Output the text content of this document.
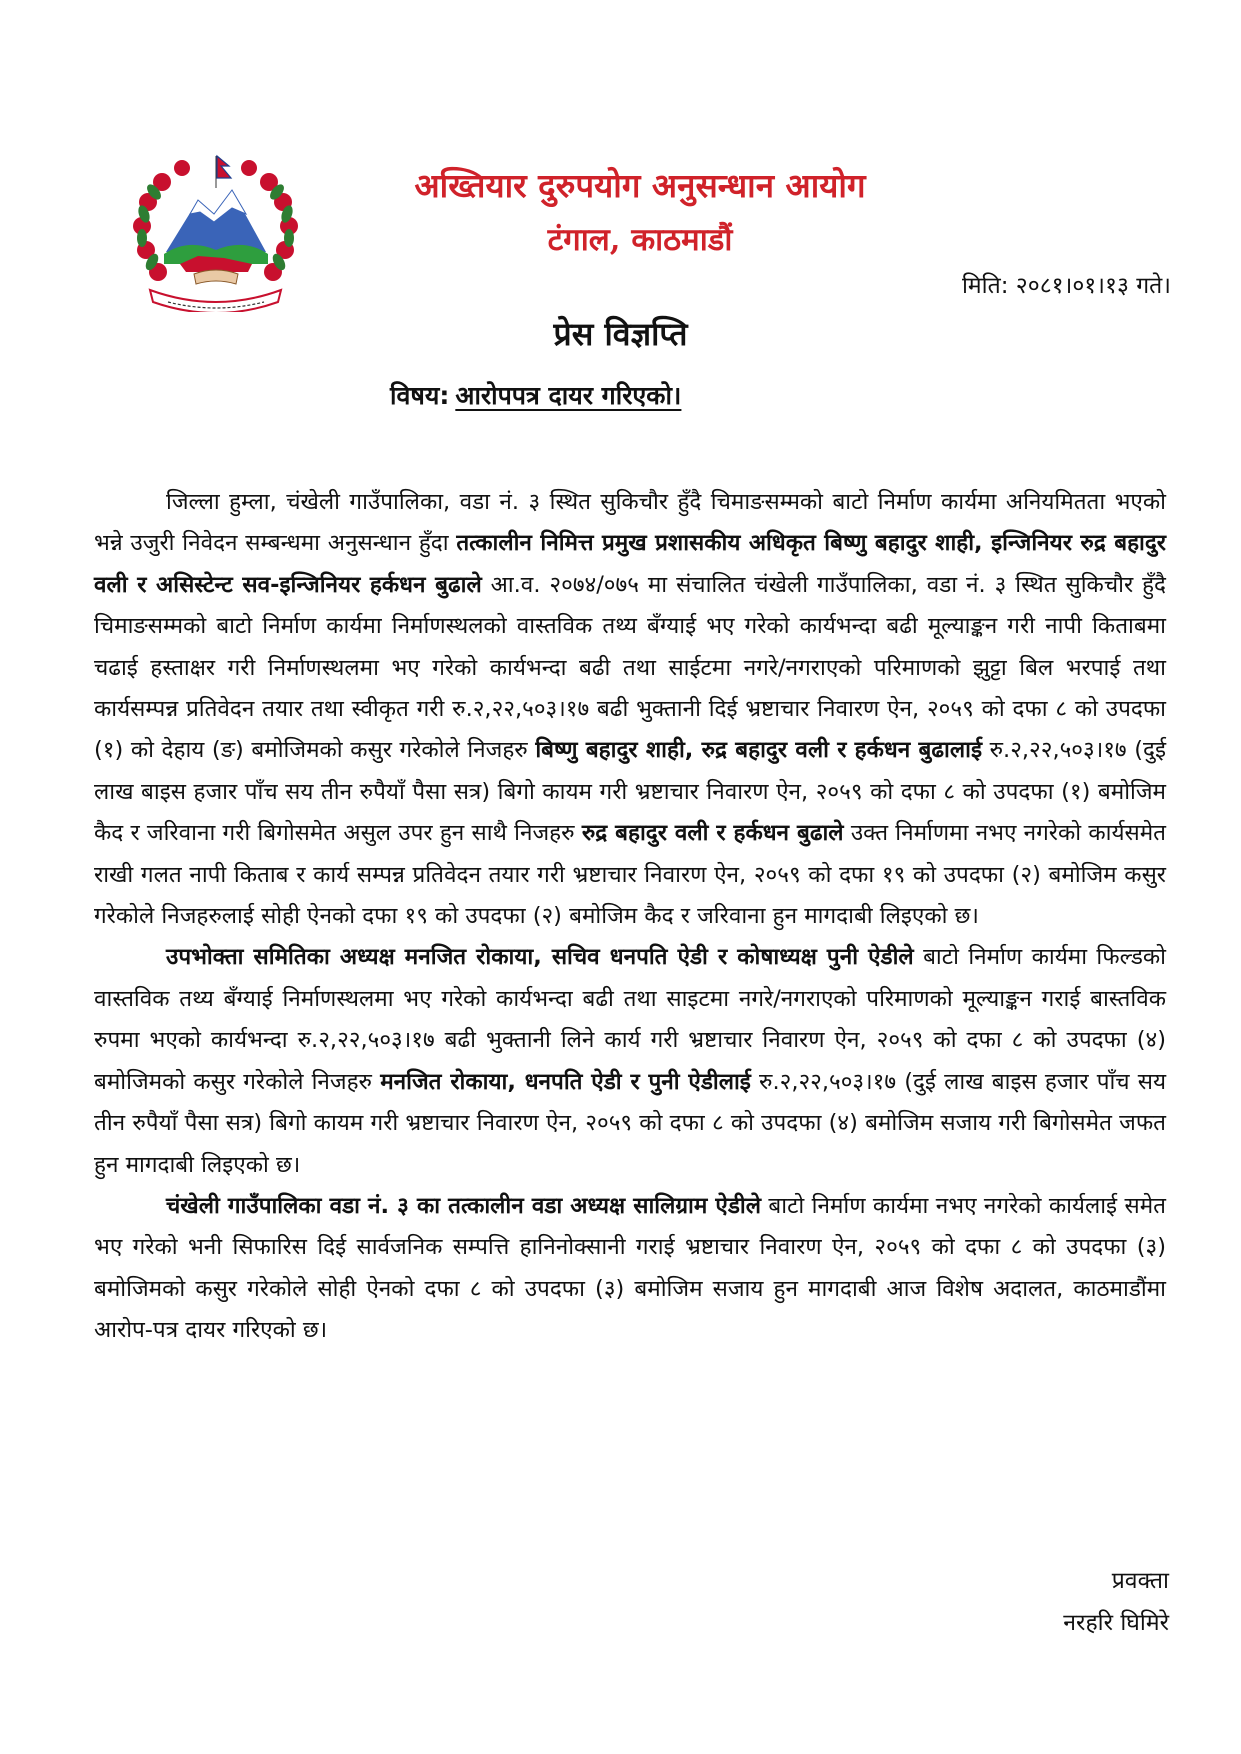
अख्तियार दुरुपयोग अनुसन्धान आयोग
टंगाल, काठमाडौं
मिति: २०८१।०१।१३ गते।
प्रेस विज्ञप्ति
विषय: आरोपपत्र दायर गरिएको।

जिल्ला हुम्ला, चंखेली गाउँपालिका, वडा नं. ३ स्थित सुकिचौर हुँदै चिमाङसम्मको बाटो निर्माण कार्यमा अनियमितता भएको भन्ने उजुरी निवेदन सम्बन्धमा अनुसन्धान हुँदा तत्कालीन निमित्त प्रमुख प्रशासकीय अधिकृत बिष्णु बहादुर शाही, इन्जिनियर रुद्र बहादुर वली र असिस्टेन्ट सव-इन्जिनियर हर्कधन बुढाले आ.व. २०७४/०७५ मा संचालित चंखेली गाउँपालिका, वडा नं. ३ स्थित सुकिचौर हुँदै चिमाङसम्मको बाटो निर्माण कार्यमा निर्माणस्थलको वास्तविक तथ्य बँग्याई भए गरेको कार्यभन्दा बढी मूल्याङ्कन गरी नापी किताबमा चढाई हस्ताक्षर गरी निर्माणस्थलमा भए गरेको कार्यभन्दा बढी तथा साईटमा नगरे/नगराएको परिमाणको झुट्टा बिल भरपाई तथा कार्यसम्पन्न प्रतिवेदन तयार तथा स्वीकृत गरी रु.२,२२,५०३।१७ बढी भुक्तानी दिई भ्रष्टाचार निवारण ऐन, २०५९ को दफा ८ को उपदफा (१) को देहाय (ङ) बमोजिमको कसुर गरेकोले निजहरु बिष्णु बहादुर शाही, रुद्र बहादुर वली र हर्कधन बुढालाई रु.२,२२,५०३।१७ (दुई लाख बाइस हजार पाँच सय तीन रुपैयाँ पैसा सत्र) बिगो कायम गरी भ्रष्टाचार निवारण ऐन, २०५९ को दफा ८ को उपदफा (१) बमोजिम कैद र जरिवाना गरी बिगोसमेत असुल उपर हुन साथै निजहरु रुद्र बहादुर वली र हर्कधन बुढाले उक्त निर्माणमा नभए नगरेको कार्यसमेत राखी गलत नापी किताब र कार्य सम्पन्न प्रतिवेदन तयार गरी भ्रष्टाचार निवारण ऐन, २०५९ को दफा १९ को उपदफा (२) बमोजिम कसुर गरेकोले निजहरुलाई सोही ऐनको दफा १९ को उपदफा (२) बमोजिम कैद र जरिवाना हुन मागदाबी लिइएको छ।

उपभोक्ता समितिका अध्यक्ष मनजित रोकाया, सचिव धनपति ऐडी र कोषाध्यक्ष पुनी ऐडीले बाटो निर्माण कार्यमा फिल्डको वास्तविक तथ्य बँग्याई निर्माणस्थलमा भए गरेको कार्यभन्दा बढी तथा साइटमा नगरे/नगराएको परिमाणको मूल्याङ्कन गराई बास्तविक रुपमा भएको कार्यभन्दा रु.२,२२,५०३।१७ बढी भुक्तानी लिने कार्य गरी भ्रष्टाचार निवारण ऐन, २०५९ को दफा ८ को उपदफा (४) बमोजिमको कसुर गरेकोले निजहरु मनजित रोकाया, धनपति ऐडी र पुनी ऐडीलाई रु.२,२२,५०३।१७ (दुई लाख बाइस हजार पाँच सय तीन रुपैयाँ पैसा सत्र) बिगो कायम गरी भ्रष्टाचार निवारण ऐन, २०५९ को दफा ८ को उपदफा (४) बमोजिम सजाय गरी बिगोसमेत जफत हुन मागदाबी लिइएको छ।

चंखेली गाउँपालिका वडा नं. ३ का तत्कालीन वडा अध्यक्ष सालिग्राम ऐडीले बाटो निर्माण कार्यमा नभए नगरेको कार्यलाई समेत भए गरेको भनी सिफारिस दिई सार्वजनिक सम्पत्ति हानिनोक्सानी गराई भ्रष्टाचार निवारण ऐन, २०५९ को दफा ८ को उपदफा (३) बमोजिमको कसुर गरेकोले सोही ऐनको दफा ८ को उपदफा (३) बमोजिम सजाय हुन मागदाबी आज विशेष अदालत, काठमाडौंमा आरोप-पत्र दायर गरिएको छ।

प्रवक्ता
नरहरि घिमिरे
